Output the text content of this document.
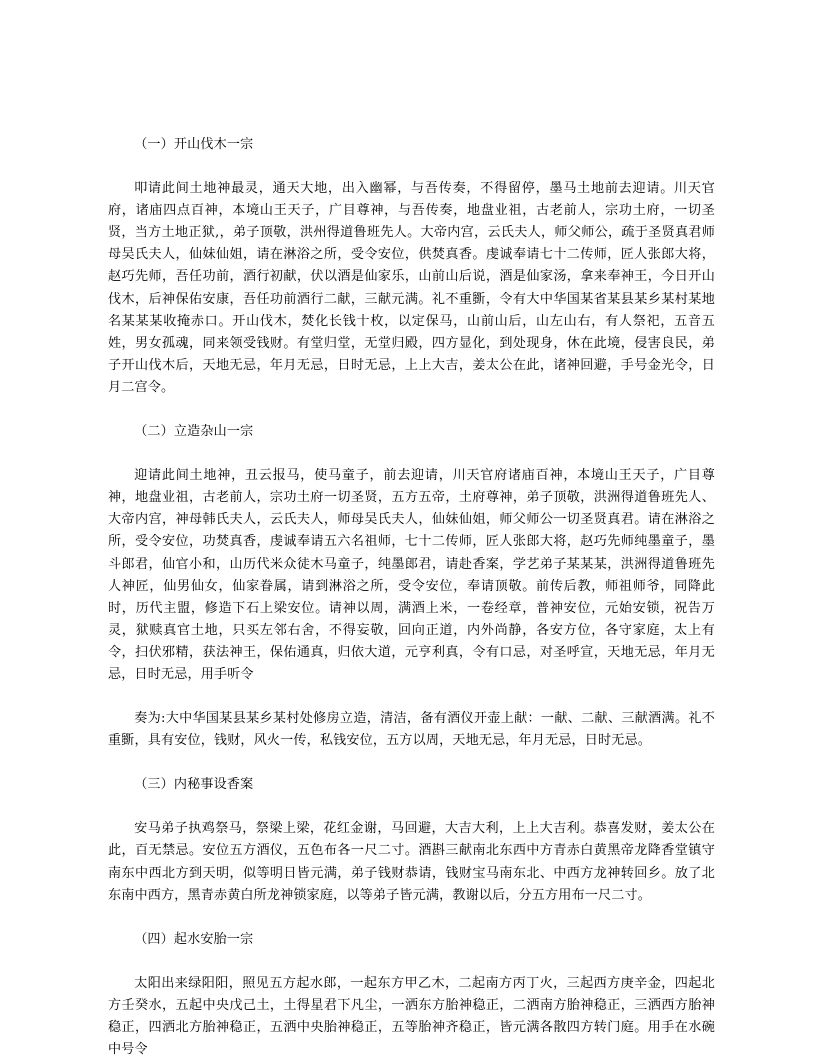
（一）开山伐木一宗

叩请此间土地神最灵，通天大地，出入幽幂，与吾传奏，不得留停，墨马土地前去迎请。川天官府，诸庙四点百神，本境山王天子，广目尊神，与吾传奏，地盘业祖，古老前人，宗功土府，一切圣贤，当方土地正狱,，弟子顶敬，洪州得道鲁班先人。大帝内宫，云氏夫人，师父师公，疏于圣贤真君师母吴氏夫人，仙妹仙姐，请在淋浴之所，受令安位，供焚真香。虔诚奉请七十二传师，匠人张郎大将，赵巧先师，吾任功前，酒行初献，伏以酒是仙家乐，山前山后说，酒是仙家汤，拿来奉神王，今日开山伐木，后神保佑安康，吾任功前酒行二献，三献元满。礼不重斵，令有大中华国某省某县某乡某村某地名某某某收掩赤口。开山伐木，焚化长钱十枚，以定保马，山前山后，山左山右，有人祭祀，五音五姓，男女孤魂，同来领受钱财。有堂归堂，无堂归殿，四方显化，到处现身，休在此境，侵害良民，弟子开山伐木后，天地无忌，年月无忌，日时无忌，上上大吉，姜太公在此，诸神回避，手号金光令，日月二宫令。

（二）立造杂山一宗

迎请此间土地神，丑云报马，使马童子，前去迎请，川天官府诸庙百神，本境山王天子，广目尊神，地盘业祖，古老前人，宗功土府一切圣贤，五方五帝，土府尊神，弟子顶敬，洪洲得道鲁班先人、大帝内宫，神母韩氏夫人，云氏夫人，师母吴氏夫人，仙妹仙姐，师父师公一切圣贤真君。请在淋浴之所，受令安位，功焚真香，虔诚奉请五六名祖师，七十二传师，匠人张郎大将，赵巧先师纯墨童子，墨斗郎君，仙官小和，山历代米众徒木马童子，纯墨郎君，请赴香案，学艺弟子某某某，洪洲得道鲁班先人神匠，仙男仙女，仙家眷属，请到淋浴之所，受令安位，奉请顶敬。前传后教，师祖师爷，同降此时，历代主盟，修造下石上梁安位。请神以周，满酒上米，一卷经章，普神安位，元始安锁，祝告万灵，狱赎真官土地，只买左邻右舍，不得妄敬，回向正道，内外尚静，各安方位，各守家庭，太上有令，扫伏邪精，获法神王，保佑通真，归依大道，元亨利真，令有口忌，对圣呼宣，天地无忌，年月无忌，日时无忌，用手听令

奏为:大中华国某县某乡某村处修房立造，清洁，备有酒仪开壶上献：一献、二献、三献酒满。礼不重斵，具有安位，钱财，风火一传，私钱安位，五方以周，天地无忌，年月无忌，日时无忌。

（三）内秘事设香案

安马弟子执鸡祭马，祭梁上梁，花红金谢，马回避，大吉大利，上上大吉利。恭喜发财，姜太公在此，百无禁忌。安位五方酒仪，五色布各一尺二寸。酒斟三献南北东西中方青赤白黄黑帝龙降香堂镇守南东中西北方到天明，似等明日皆元满，弟子钱财恭请，钱财宝马南东北、中西方龙神转回乡。放了北东南中西方，黑青赤黄白所龙神锁家庭，以等弟子皆元满，教谢以后，分五方用布一尺二寸。

（四）起水安胎一宗

太阳出来绿阳阳，照见五方起水郎，一起东方甲乙木，二起南方丙丁火，三起西方庚辛金，四起北方壬癸水，五起中央戊己土，土得星君下凡尘，一洒东方胎神稳正，二洒南方胎神稳正，三洒西方胎神稳正，四洒北方胎神稳正，五洒中央胎神稳正，五等胎神齐稳正，皆元满各散四方转门庭。用手在水碗中号令
